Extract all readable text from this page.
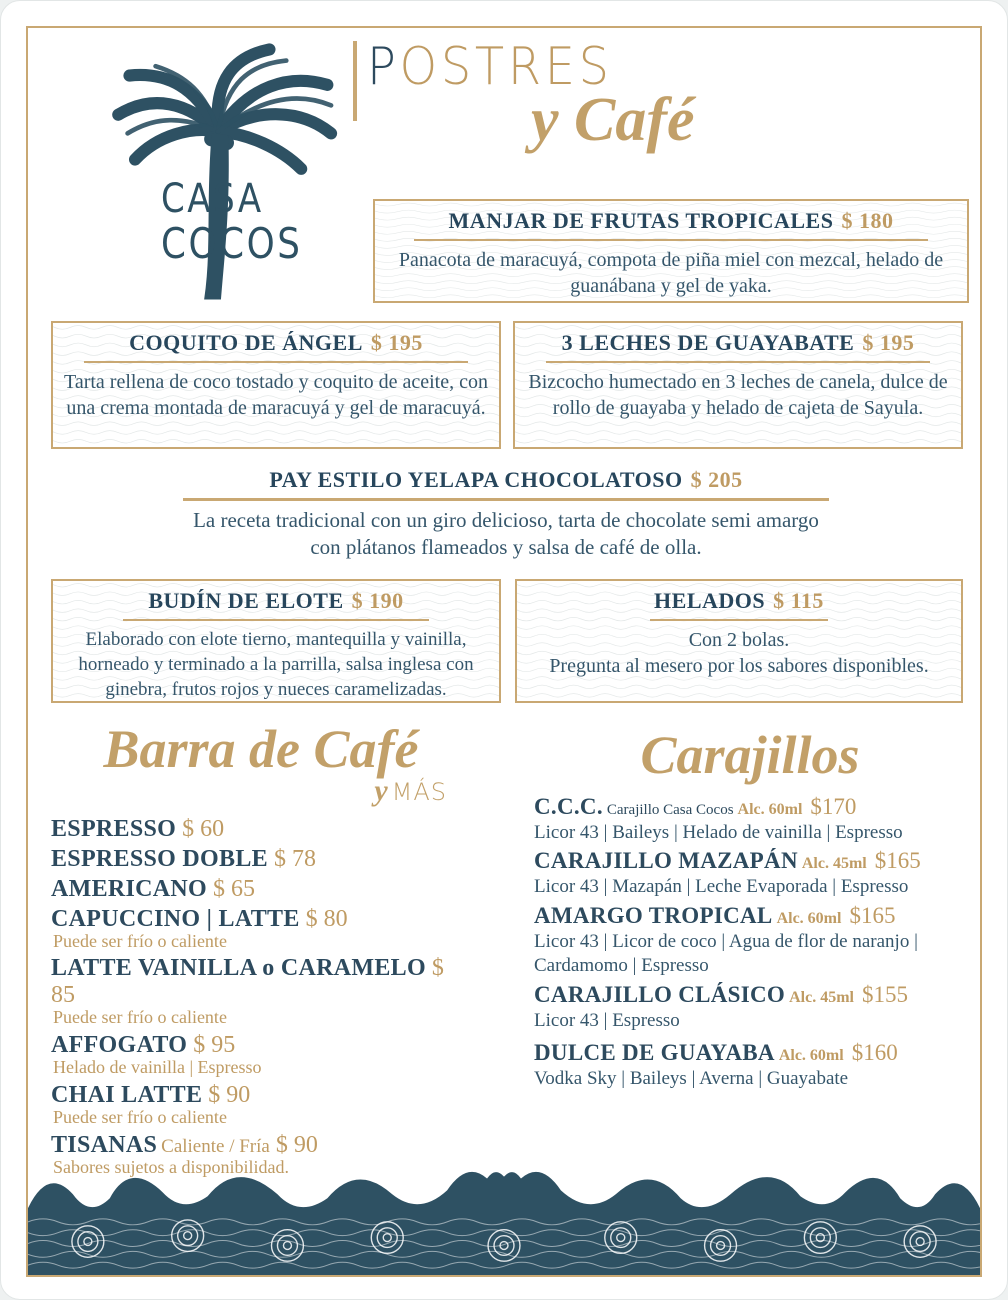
CASA
COCOS
POSTRES
y Café
MANJAR DE FRUTAS TROPICALES $ 180
Panacota de maracuyá, compota de piña miel con mezcal, helado de guanábana y gel de yaka.
COQUITO DE ÁNGEL $ 195
Tarta rellena de coco tostado y coquito de aceite, con una crema montada de maracuyá y gel de maracuyá.
3 LECHES DE GUAYABATE $ 195
Bizcocho humectado en 3 leches de canela, dulce de rollo de guayaba y helado de cajeta de Sayula.
PAY ESTILO YELAPA CHOCOLATOSO $ 205
La receta tradicional con un giro delicioso, tarta de chocolate semi amargo con plátanos flameados y salsa de café de olla.
BUDÍN DE ELOTE $ 190
Elaborado con elote tierno, mantequilla y vainilla, horneado y terminado a la parrilla, salsa inglesa con ginebra, frutos rojos y nueces caramelizadas.
HELADOS $ 115
Con 2 bolas.
Pregunta al mesero por los sabores disponibles.
Barra de Café
y MÁS
ESPRESSO $ 60
ESPRESSO DOBLE $ 78
AMERICANO $ 65
CAPUCCINO | LATTE $ 80
Puede ser frío o caliente
LATTE VAINILLA o CARAMELO $ 85
Puede ser frío o caliente
AFFOGATO $ 95
Helado de vainilla | Espresso
CHAI LATTE $ 90
Puede ser frío o caliente
TISANAS Caliente / Fría $ 90
Sabores sujetos a disponibilidad.
Carajillos
C.C.C. Carajillo Casa Cocos Alc. 60ml $170
Licor 43 | Baileys | Helado de vainilla | Espresso
CARAJILLO MAZAPÁN Alc. 45ml $165
Licor 43 | Mazapán | Leche Evaporada | Espresso
AMARGO TROPICAL Alc. 60ml $165
Licor 43 | Licor de coco | Agua de flor de naranjo | Cardamomo | Espresso
CARAJILLO CLÁSICO Alc. 45ml $155
Licor 43 | Espresso
DULCE DE GUAYABA Alc. 60ml $160
Vodka Sky | Baileys | Averna | Guayabate
